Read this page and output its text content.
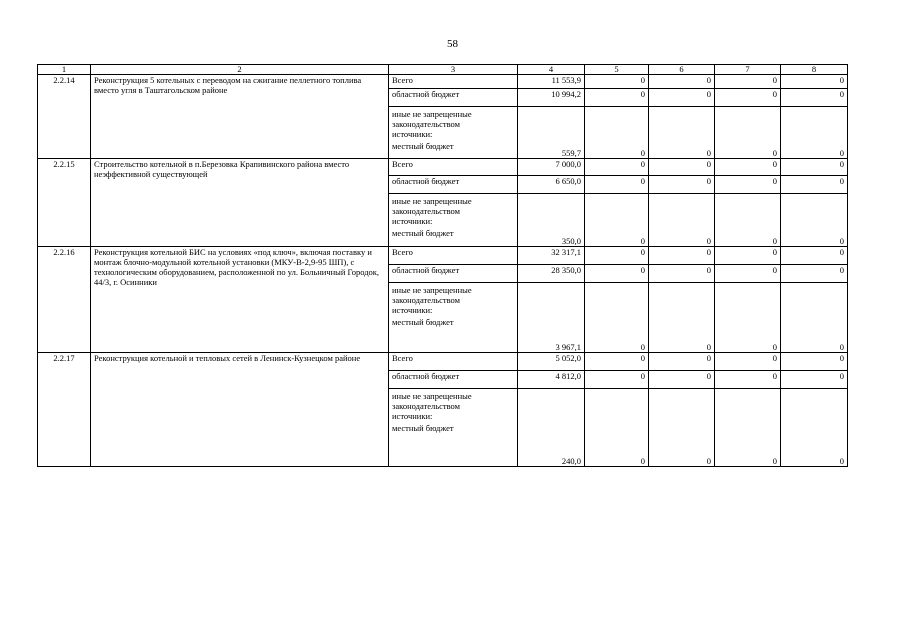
58
1	2	3	4	5	6	7	8
2.2.14	Реконструкция 5 котельных с переводом на сжигание пеллетного топлива вместо угля в Таштагольском районе	Всего	11 553,9	0	0	0	0
		областной бюджет	10 994,2	0	0	0	0

		иные не запрещенные
законодательством
источники:
местный бюджет	559,7	0	0	0	0
2.2.15	Строительство котельной в п.Березовка Крапивинского района вместо неэффективной существующей	Всего	7 000,0	0	0	0	0
		областной бюджет	6 650,0	0	0	0	0

		иные не запрещенные
законодательством
источники:
местный бюджет	350,0	0	0	0	0
2.2.16	Реконструкция котельной БИС на условиях «под ключ», включая поставку и монтаж блочно-модульной котельной установки (МКУ-В-2,9-95 ШП), с технологическим оборудованием, расположенной по ул. Больничный Городок, 44/3, г. Осинники	Всего	32 317,1	0	0	0	0
		областной бюджет	28 350,0	0	0	0	0

		иные не запрещенные
законодательством
источники:
местный бюджет	3 967,1	0	0	0	0
2.2.17	Реконструкция котельной и тепловых сетей в Ленинск-Кузнецком районе	Всего	5 052,0	0	0	0	0
		областной бюджет	4 812,0	0	0	0	0

		иные не запрещенные
законодательством
источники:
местный бюджет	240,0	0	0	0	0
